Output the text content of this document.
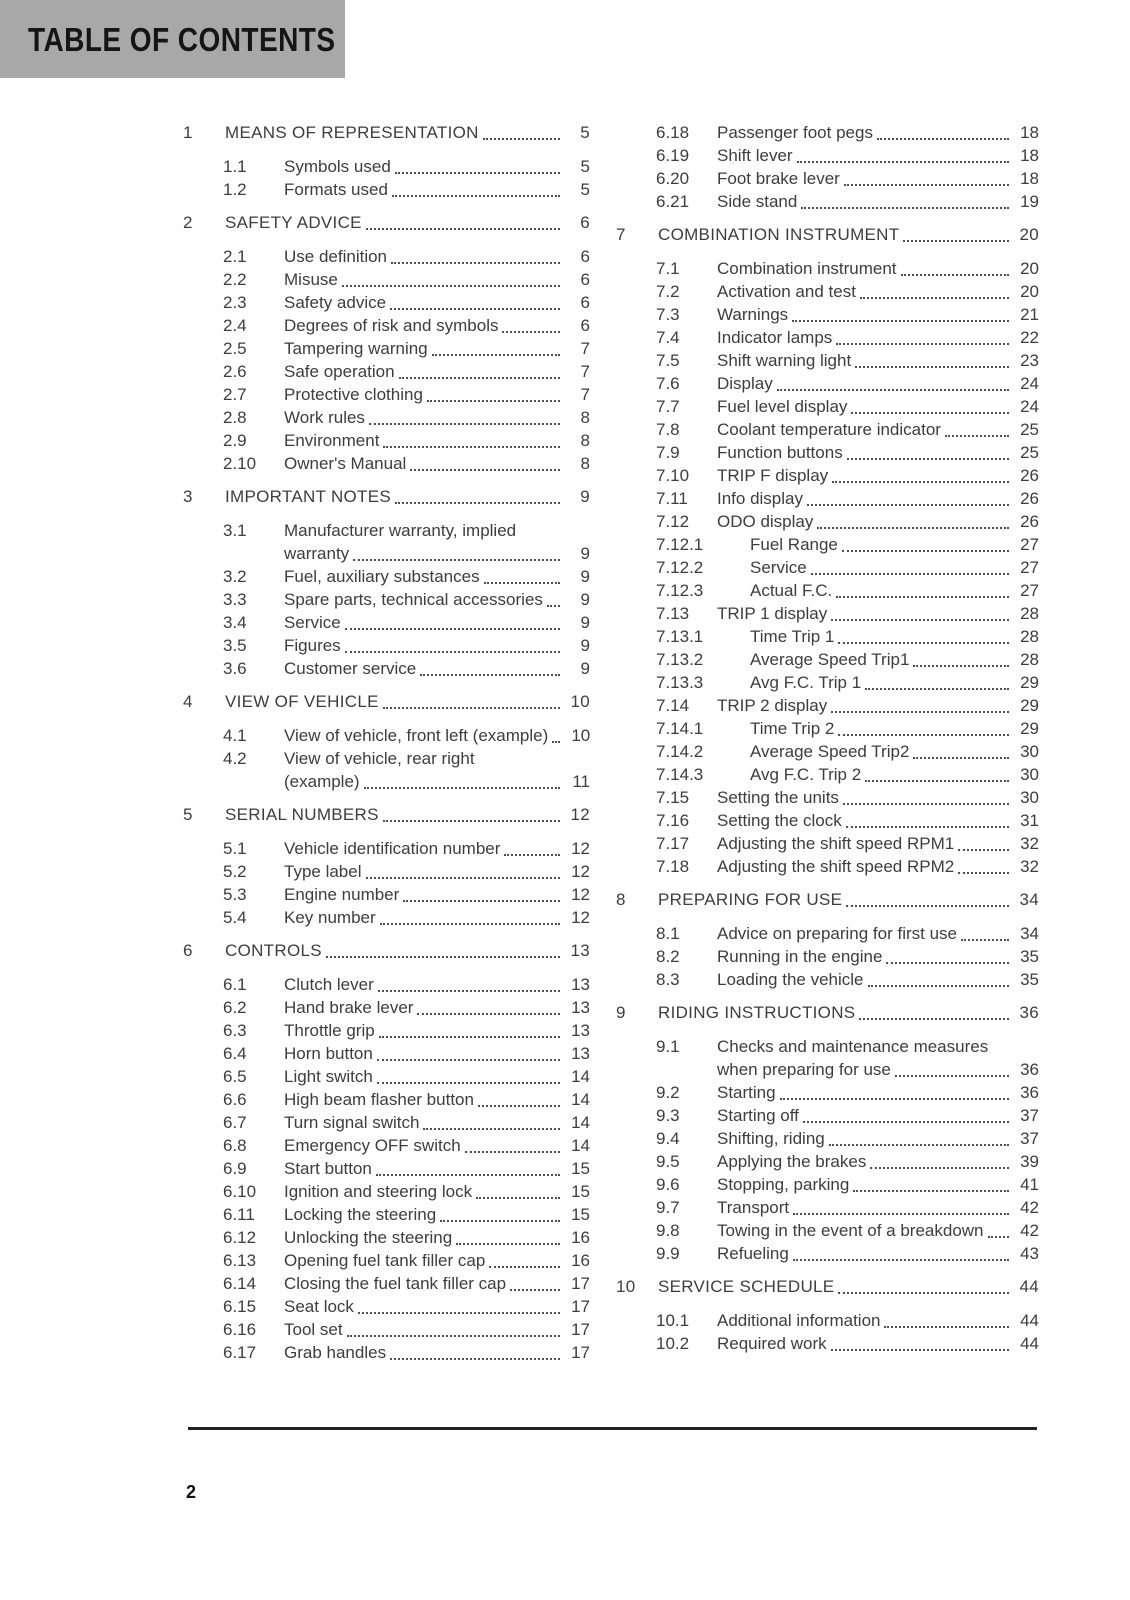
TABLE OF CONTENTS
1	MEANS OF REPRESENTATION	5
1.1	Symbols used	5
1.2	Formats used	5
2	SAFETY ADVICE	6
2.1	Use definition	6
2.2	Misuse	6
2.3	Safety advice	6
2.4	Degrees of risk and symbols	6
2.5	Tampering warning	7
2.6	Safe operation	7
2.7	Protective clothing	7
2.8	Work rules	8
2.9	Environment	8
2.10	Owner's Manual	8
3	IMPORTANT NOTES	9
3.1	Manufacturer warranty, implied
warranty	9
3.2	Fuel, auxiliary substances	9
3.3	Spare parts, technical accessories	9
3.4	Service	9
3.5	Figures	9
3.6	Customer service	9
4	VIEW OF VEHICLE	10
4.1	View of vehicle, front left (example) 10
4.2	View of vehicle, rear right
(example)	11
5	SERIAL NUMBERS	12
5.1	Vehicle identification number	12
5.2	Type label	12
5.3	Engine number	12
5.4	Key number	12
6	CONTROLS	13
6.1	Clutch lever	13
6.2	Hand brake lever	13
6.3	Throttle grip	13
6.4	Horn button	13
6.5	Light switch	14
6.6	High beam flasher button	14
6.7	Turn signal switch	14
6.8	Emergency OFF switch	14
6.9	Start button	15
6.10	Ignition and steering lock	15
6.11	Locking the steering	15
6.12	Unlocking the steering	16
6.13	Opening fuel tank filler cap	16
6.14	Closing the fuel tank filler cap	17
6.15	Seat lock	17
6.16	Tool set	17
6.17	Grab handles	17
6.18	Passenger foot pegs	18
6.19	Shift lever	18
6.20	Foot brake lever	18
6.21	Side stand	19
7	COMBINATION INSTRUMENT	20
7.1	Combination instrument	20
7.2	Activation and test	20
7.3	Warnings	21
7.4	Indicator lamps	22
7.5	Shift warning light	23
7.6	Display	24
7.7	Fuel level display	24
7.8	Coolant temperature indicator	25
7.9	Function buttons	25
7.10	TRIP F display	26
7.11	Info display	26
7.12	ODO display	26
7.12.1	Fuel Range	27
7.12.2	Service	27
7.12.3	Actual F.C.	27
7.13	TRIP 1 display	28
7.13.1	Time Trip 1	28
7.13.2	Average Speed Trip1	28
7.13.3	Avg F.C. Trip 1	29
7.14	TRIP 2 display	29
7.14.1	Time Trip 2	29
7.14.2	Average Speed Trip2	30
7.14.3	Avg F.C. Trip 2	30
7.15	Setting the units	30
7.16	Setting the clock	31
7.17	Adjusting the shift speed RPM1	32
7.18	Adjusting the shift speed RPM2	32
8	PREPARING FOR USE	34
8.1	Advice on preparing for first use	34
8.2	Running in the engine	35
8.3	Loading the vehicle	35
9	RIDING INSTRUCTIONS	36
9.1	Checks and maintenance measures
when preparing for use	36
9.2	Starting	36
9.3	Starting off	37
9.4	Shifting, riding	37
9.5	Applying the brakes	39
9.6	Stopping, parking	41
9.7	Transport	42
9.8	Towing in the event of a breakdown 42
9.9	Refueling	43
10	SERVICE SCHEDULE	44
10.1	Additional information	44
10.2	Required work	44
2
